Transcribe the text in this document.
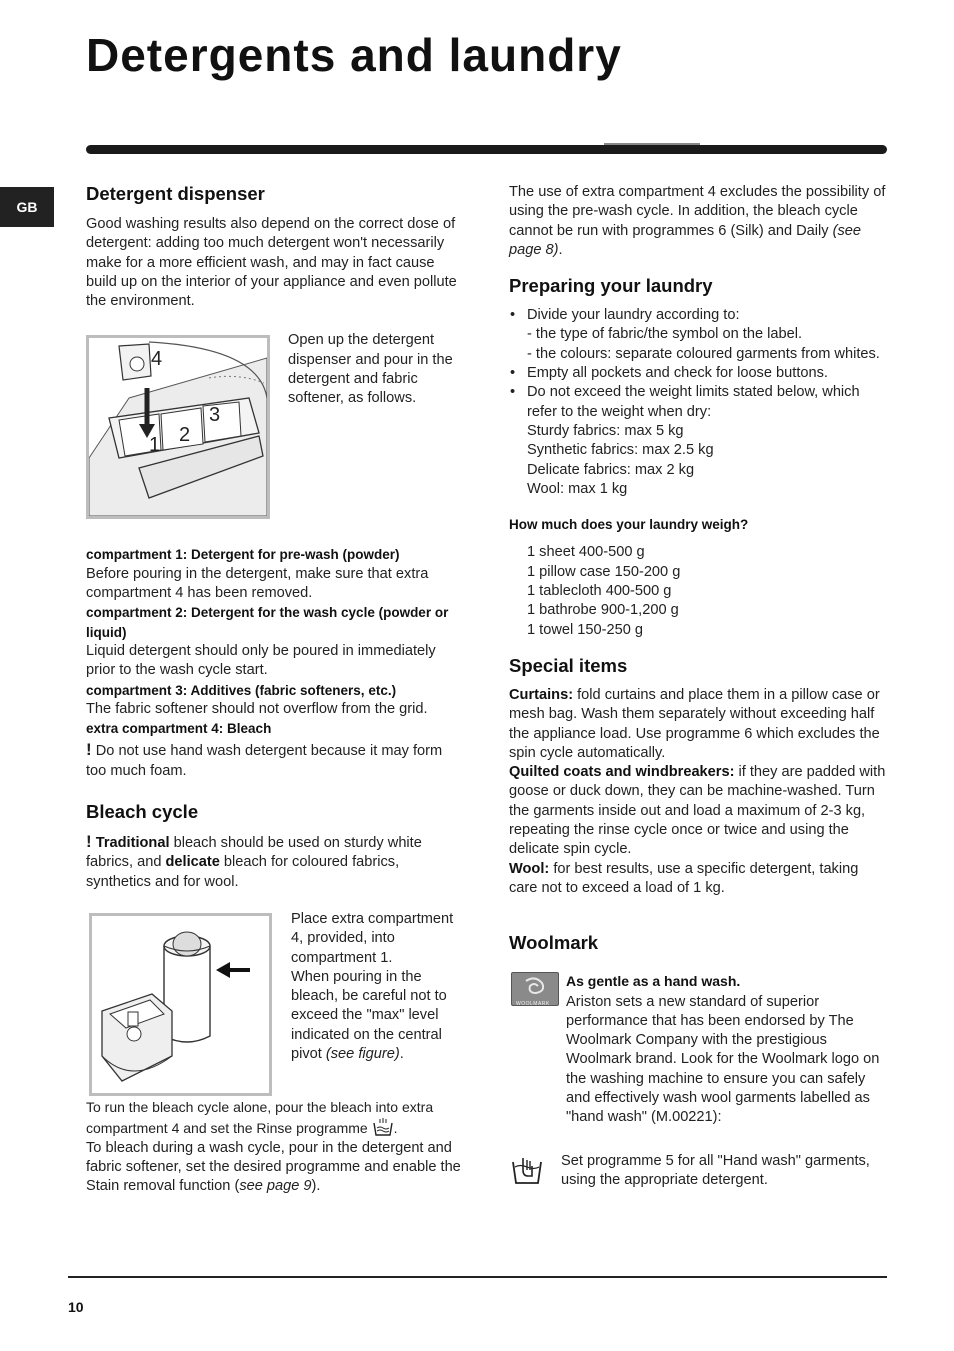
Detergents and laundry
GB
Detergent dispenser

Good washing results also depend on the correct dose of detergent: adding too much detergent won't necessarily make for a more efficient wash, and may in fact cause build up on the interior of your appliance and even pollute the environment.

4
3
1 2

Open up the detergent dispenser and pour in the detergent and fabric softener, as follows.

compartment 1: Detergent for pre-wash (powder)

Before pouring in the detergent, make sure that extra compartment 4 has been removed.

compartment 2: Detergent for the wash cycle (powder or liquid)

Liquid detergent should only be poured in immediately prior to the wash cycle start.

compartment 3: Additives (fabric softeners, etc.)

The fabric softener should not overflow from the grid.

extra compartment 4: Bleach

! Do not use hand wash detergent because it may form too much foam.

Bleach cycle

! Traditional bleach should be used on sturdy white fabrics, and delicate bleach for coloured fabrics, synthetics and for wool.

Place extra compartment 4, provided, into compartment 1.

When pouring in the bleach, be careful not to exceed the "max" level indicated on the central pivot (see figure).

To run the bleach cycle alone, pour the bleach into extra compartment 4 and set the Rinse programme .

To bleach during a wash cycle, pour in the detergent and fabric softener, set the desired programme and enable the Stain removal function (see page 9).

The use of extra compartment 4 excludes the possibility of using the pre-wash cycle. In addition, the bleach cycle cannot be run with programmes 6 (Silk) and Daily (see page 8).

Preparing your laundry
• Divide your laundry according to:
- the type of fabric/the symbol on the label.
- the colours: separate coloured garments from whites.
• Empty all pockets and check for loose buttons.
• Do not exceed the weight limits stated below, which refer to the weight when dry:
Sturdy fabrics: max 5 kg
Synthetic fabrics: max 2.5 kg
Delicate fabrics: max 2 kg
Wool: max 1 kg

How much does your laundry weigh?

1 sheet 400-500 g
1 pillow case 150-200 g
1 tablecloth 400-500 g
1 bathrobe 900-1,200 g
1 towel 150-250 g
Special items

Curtains: fold curtains and place them in a pillow case or mesh bag. Wash them separately without exceeding half the appliance load. Use programme 6 which excludes the spin cycle automatically.

Quilted coats and windbreakers: if they are padded with goose or duck down, they can be machine-washed. Turn the garments inside out and load a maximum of 2-3 kg, repeating the rinse cycle once or twice and using the delicate spin cycle.

Wool: for best results, use a specific detergent, taking care not to exceed a load of 1 kg.

Woolmark
WOOLMARK

As gentle as a hand wash.

Ariston sets a new standard of superior performance that has been endorsed by The Woolmark Company with the prestigious Woolmark brand. Look for the Woolmark logo on the washing machine to ensure you can safely and effectively wash wool garments labelled as "hand wash" (M.00221):

Set programme 5 for all "Hand wash" garments, using the appropriate detergent.

10
